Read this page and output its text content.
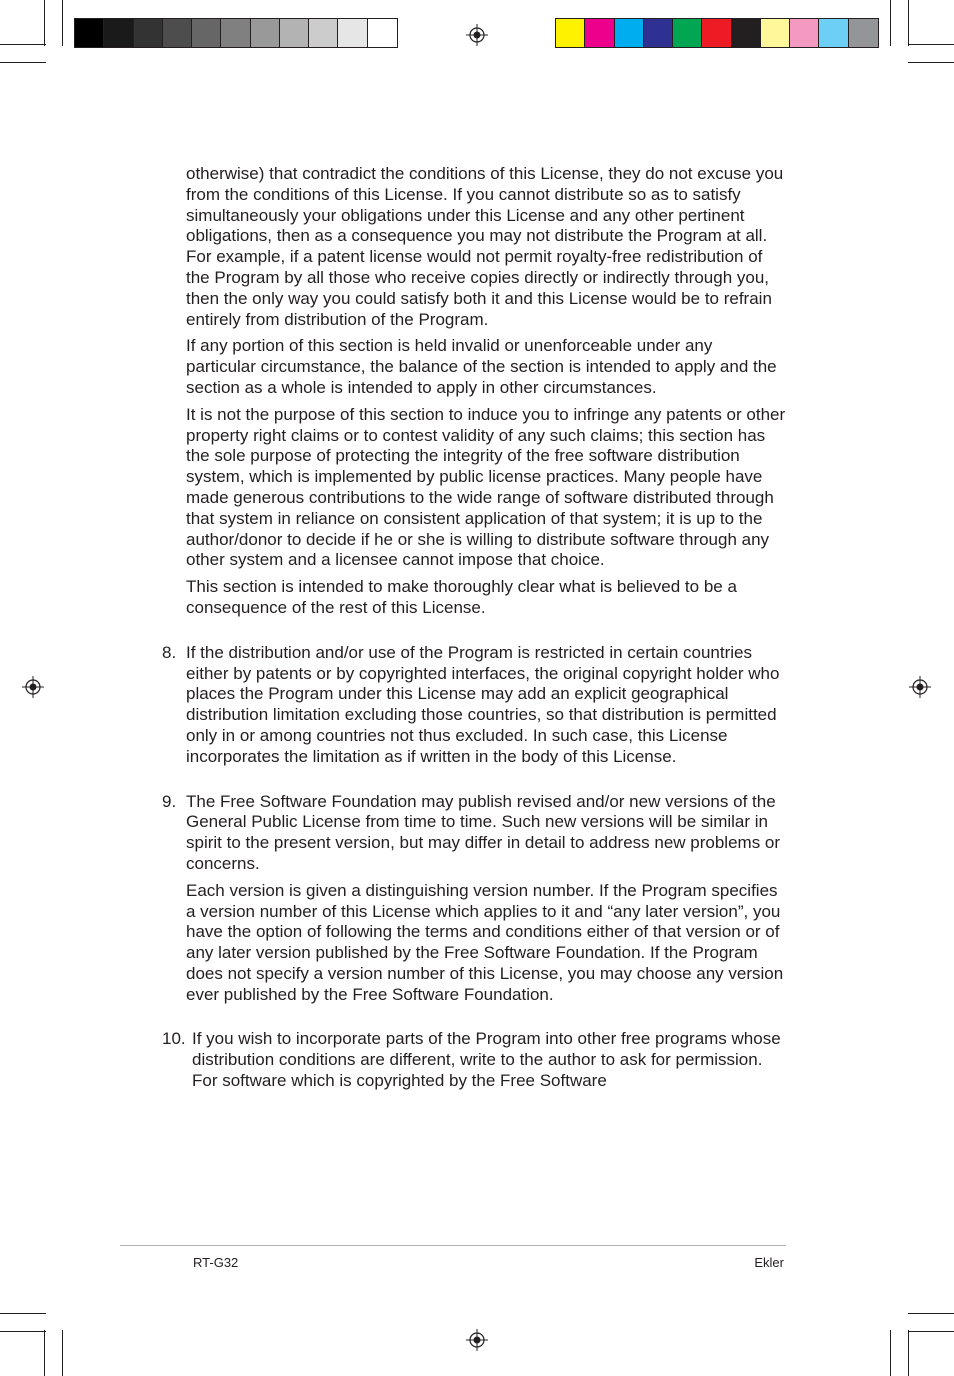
otherwise) that contradict the conditions of this License, they do not excuse you from the conditions of this License. If you cannot distribute so as to satisfy simultaneously your obligations under this License and any other pertinent obligations, then as a consequence you may not distribute the Program at all. For example, if a patent license would not permit royalty-free redistribution of the Program by all those who receive copies directly or indirectly through you, then the only way you could satisfy both it and this License would be to refrain entirely from distribution of the Program.

If any portion of this section is held invalid or unenforceable under any particular circumstance, the balance of the section is intended to apply and the section as a whole is intended to apply in other circumstances.

It is not the purpose of this section to induce you to infringe any patents or other property right claims or to contest validity of any such claims; this section has the sole purpose of protecting the integrity of the free software distribution system, which is implemented by public license practices. Many people have made generous contributions to the wide range of software distributed through that system in reliance on consistent application of that system; it is up to the author/donor to decide if he or she is willing to distribute software through any other system and a licensee cannot impose that choice.

This section is intended to make thoroughly clear what is believed to be a consequence of the rest of this License.

8. If the distribution and/or use of the Program is restricted in certain countries either by patents or by copyrighted interfaces, the original copyright holder who places the Program under this License may add an explicit geographical distribution limitation excluding those countries, so that distribution is permitted only in or among countries not thus excluded. In such case, this License incorporates the limitation as if written in the body of this License.

9. The Free Software Foundation may publish revised and/or new versions of the General Public License from time to time. Such new versions will be similar in spirit to the present version, but may differ in detail to address new problems or concerns.

Each version is given a distinguishing version number. If the Program specifies a version number of this License which applies to it and “any later version”, you have the option of following the terms and conditions either of that version or of any later version published by the Free Software Foundation. If the Program does not specify a version number of this License, you may choose any version ever published by the Free Software Foundation.

10. If you wish to incorporate parts of the Program into other free programs whose distribution conditions are different, write to the author to ask for permission. For software which is copyrighted by the Free Software

RT-G32	Ekler
